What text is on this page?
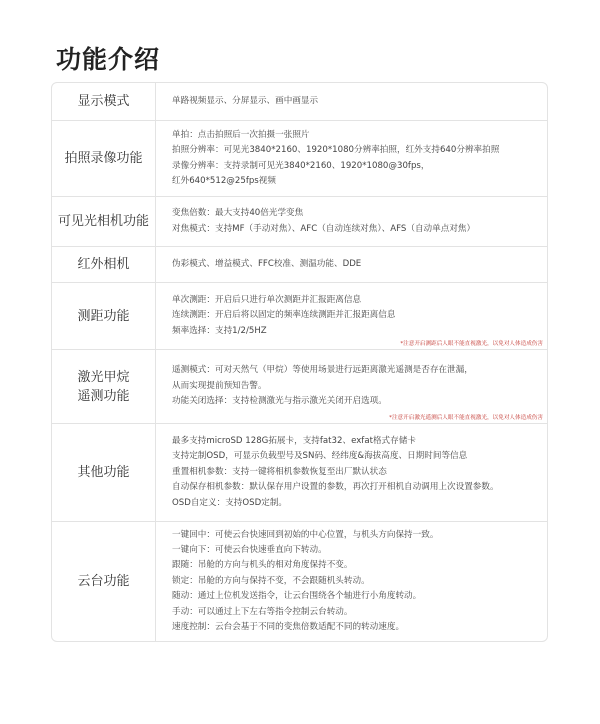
功能介绍
显示模式	单路视频显示、分屏显示、画中画显示
拍照录像功能
单拍：点击拍照后一次拍摄一张照片
拍照分辨率：可见光3840*2160、1920*1080分辨率拍照，红外支持640分辨率拍照
录像分辨率：支持录制可见光3840*2160、1920*1080@30fps，
红外640*512@25fps视频
可见光相机功能
变焦倍数：最大支持40倍光学变焦
对焦模式：支持MF（手动对焦）、AFC（自动连续对焦）、AFS（自动单点对焦）
红外相机	伪彩模式、增益模式、FFC校准、测温功能、DDE
测距功能
单次测距：开启后只进行单次测距并汇报距离信息
连续测距：开启后将以固定的频率连续测距并汇报距离信息
频率选择：支持1/2/5HZ
*注意开启测距后人眼不能直视激光，以免对人体造成伤害
激光甲烷
遥测功能
遥测模式：可对天然气（甲烷）等使用场景进行远距离激光遥测是否存在泄漏，
从而实现提前预知告警。
功能关闭选择：支持检测激光与指示激光关闭开启选项。
*注意开启激光遥测后人眼不能直视激光，以免对人体造成伤害
其他功能
最多支持microSD 128G拓展卡，支持fat32、exfat格式存储卡
支持定制OSD，可显示负载型号及SN码、经纬度&海拔高度、日期时间等信息
重置相机参数：支持一键将相机参数恢复至出厂默认状态
自动保存相机参数：默认保存用户设置的参数，再次打开相机自动调用上次设置参数。
OSD自定义：支持OSD定制。
云台功能
一键回中：可使云台快速回到初始的中心位置，与机头方向保持一致。
一键向下：可使云台快速垂直向下转动。
跟随：吊舱的方向与机头的相对角度保持不变。
锁定：吊舱的方向与保持不变，不会跟随机头转动。
随动：通过上位机发送指令，让云台围绕各个轴进行小角度转动。
手动：可以通过上下左右等指令控制云台转动。
速度控制：云台会基于不同的变焦倍数适配不同的转动速度。
